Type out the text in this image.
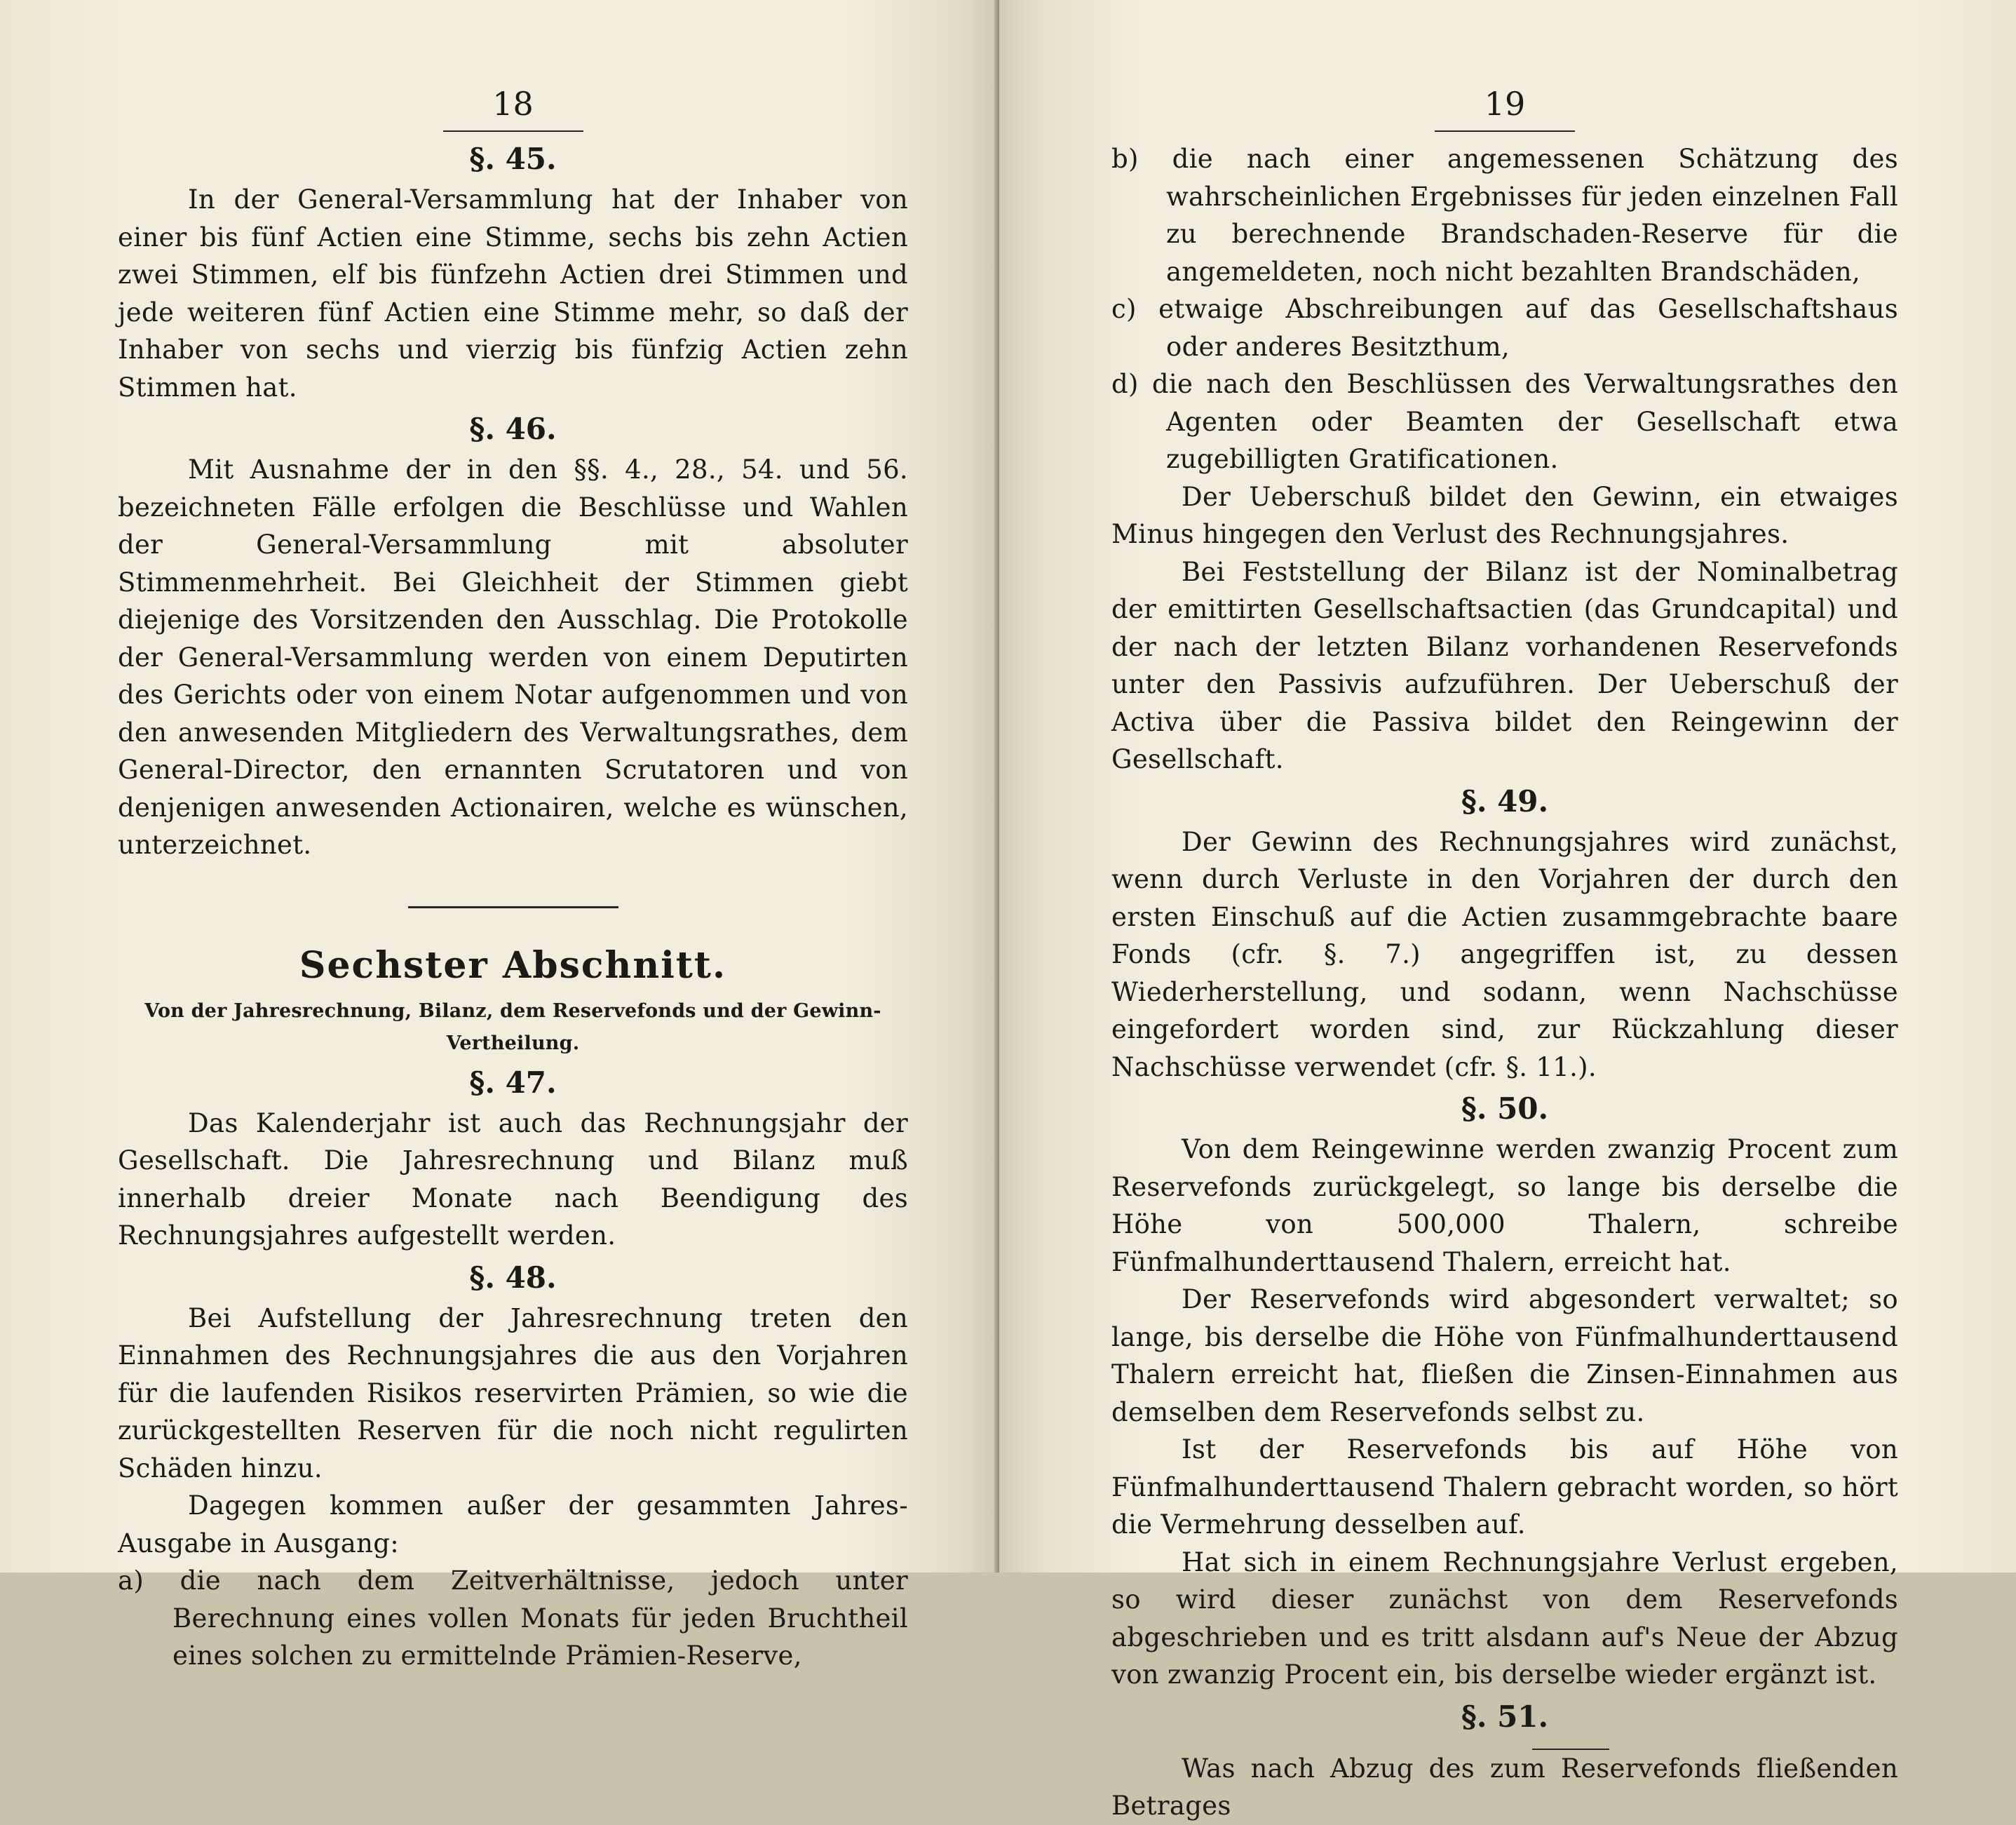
18
§. 45.

In der General-Versammlung hat der Inhaber von einer bis fünf Actien eine Stimme, sechs bis zehn Actien zwei Stimmen, elf bis fünfzehn Actien drei Stimmen und jede weiteren fünf Actien eine Stimme mehr, so daß der Inhaber von sechs und vierzig bis fünfzig Actien zehn Stimmen hat.

§. 46.

Mit Ausnahme der in den §§. 4., 28., 54. und 56. bezeichneten Fälle erfolgen die Beschlüsse und Wahlen der General-Versammlung mit absoluter Stimmenmehrheit. Bei Gleichheit der Stimmen giebt diejenige des Vorsitzenden den Ausschlag. Die Protokolle der General-Versammlung werden von einem Deputirten des Gerichts oder von einem Notar aufgenommen und von den anwesenden Mitgliedern des Verwaltungsrathes, dem General-Director, den ernannten Scrutatoren und von denjenigen anwesenden Actionairen, welche es wünschen, unterzeichnet.

Sechster Abschnitt.
Von der Jahresrechnung, Bilanz, dem Reservefonds und der Gewinn-Vertheilung.
§. 47.

Das Kalenderjahr ist auch das Rechnungsjahr der Gesellschaft. Die Jahresrechnung und Bilanz muß innerhalb dreier Monate nach Beendigung des Rechnungsjahres aufgestellt werden.

§. 48.

Bei Aufstellung der Jahresrechnung treten den Einnahmen des Rechnungsjahres die aus den Vorjahren für die laufenden Risikos reservirten Prämien, so wie die zurückgestellten Reserven für die noch nicht regulirten Schäden hinzu.

Dagegen kommen außer der gesammten Jahres-Ausgabe in Ausgang:

a) die nach dem Zeitverhältnisse, jedoch unter Berechnung eines vollen Monats für jeden Bruchtheil eines solchen zu ermittelnde Prämien-Reserve,

19

b) die nach einer angemessenen Schätzung des wahrscheinlichen Ergebnisses für jeden einzelnen Fall zu berechnende Brandschaden-Reserve für die angemeldeten, noch nicht bezahlten Brandschäden,

c) etwaige Abschreibungen auf das Gesellschaftshaus oder anderes Besitzthum,

d) die nach den Beschlüssen des Verwaltungsrathes den Agenten oder Beamten der Gesellschaft etwa zugebilligten Gratificationen.

Der Ueberschuß bildet den Gewinn, ein etwaiges Minus hingegen den Verlust des Rechnungsjahres.

Bei Feststellung der Bilanz ist der Nominalbetrag der emittirten Gesellschaftsactien (das Grundcapital) und der nach der letzten Bilanz vorhandenen Reservefonds unter den Passivis aufzuführen. Der Ueberschuß der Activa über die Passiva bildet den Reingewinn der Gesellschaft.

§. 49.

Der Gewinn des Rechnungsjahres wird zunächst, wenn durch Verluste in den Vorjahren der durch den ersten Einschuß auf die Actien zusammgebrachte baare Fonds (cfr. §. 7.) angegriffen ist, zu dessen Wiederherstellung, und sodann, wenn Nachschüsse eingefordert worden sind, zur Rückzahlung dieser Nachschüsse verwendet (cfr. §. 11.).

§. 50.

Von dem Reingewinne werden zwanzig Procent zum Reservefonds zurückgelegt, so lange bis derselbe die Höhe von 500,000 Thalern, schreibe Fünfmalhunderttausend Thalern, erreicht hat.

Der Reservefonds wird abgesondert verwaltet; so lange, bis derselbe die Höhe von Fünfmalhunderttausend Thalern erreicht hat, fließen die Zinsen-Einnahmen aus demselben dem Reservefonds selbst zu.

Ist der Reservefonds bis auf Höhe von Fünfmalhunderttausend Thalern gebracht worden, so hört die Vermehrung desselben auf.

Hat sich in einem Rechnungsjahre Verlust ergeben, so wird dieser zunächst von dem Reservefonds abgeschrieben und es tritt alsdann auf's Neue der Abzug von zwanzig Procent ein, bis derselbe wieder ergänzt ist.

§. 51.

Was nach Abzug des zum Reservefonds fließenden Betrages
